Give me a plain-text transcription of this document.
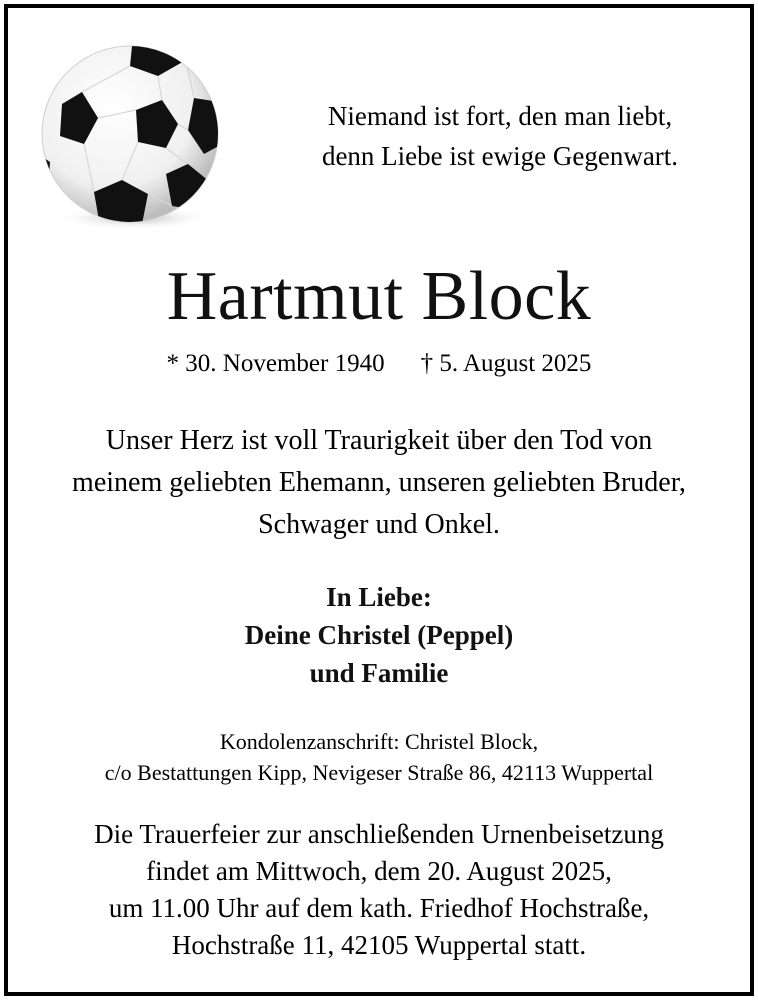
Niemand ist fort, den man liebt,
denn Liebe ist ewige Gegenwart.
Hartmut Block
* 30. November 1940 † 5. August 2025
Unser Herz ist voll Traurigkeit über den Tod von
meinem geliebten Ehemann, unseren geliebten Bruder,
Schwager und Onkel.
In Liebe:
Deine Christel (Peppel)
und Familie
Kondolenzanschrift: Christel Block,
c/o Bestattungen Kipp, Nevigeser Straße 86, 42113 Wuppertal
Die Trauerfeier zur anschließenden Urnenbeisetzung
findet am Mittwoch, dem 20. August 2025,
um 11.00 Uhr auf dem kath. Friedhof Hochstraße,
Hochstraße 11, 42105 Wuppertal statt.
